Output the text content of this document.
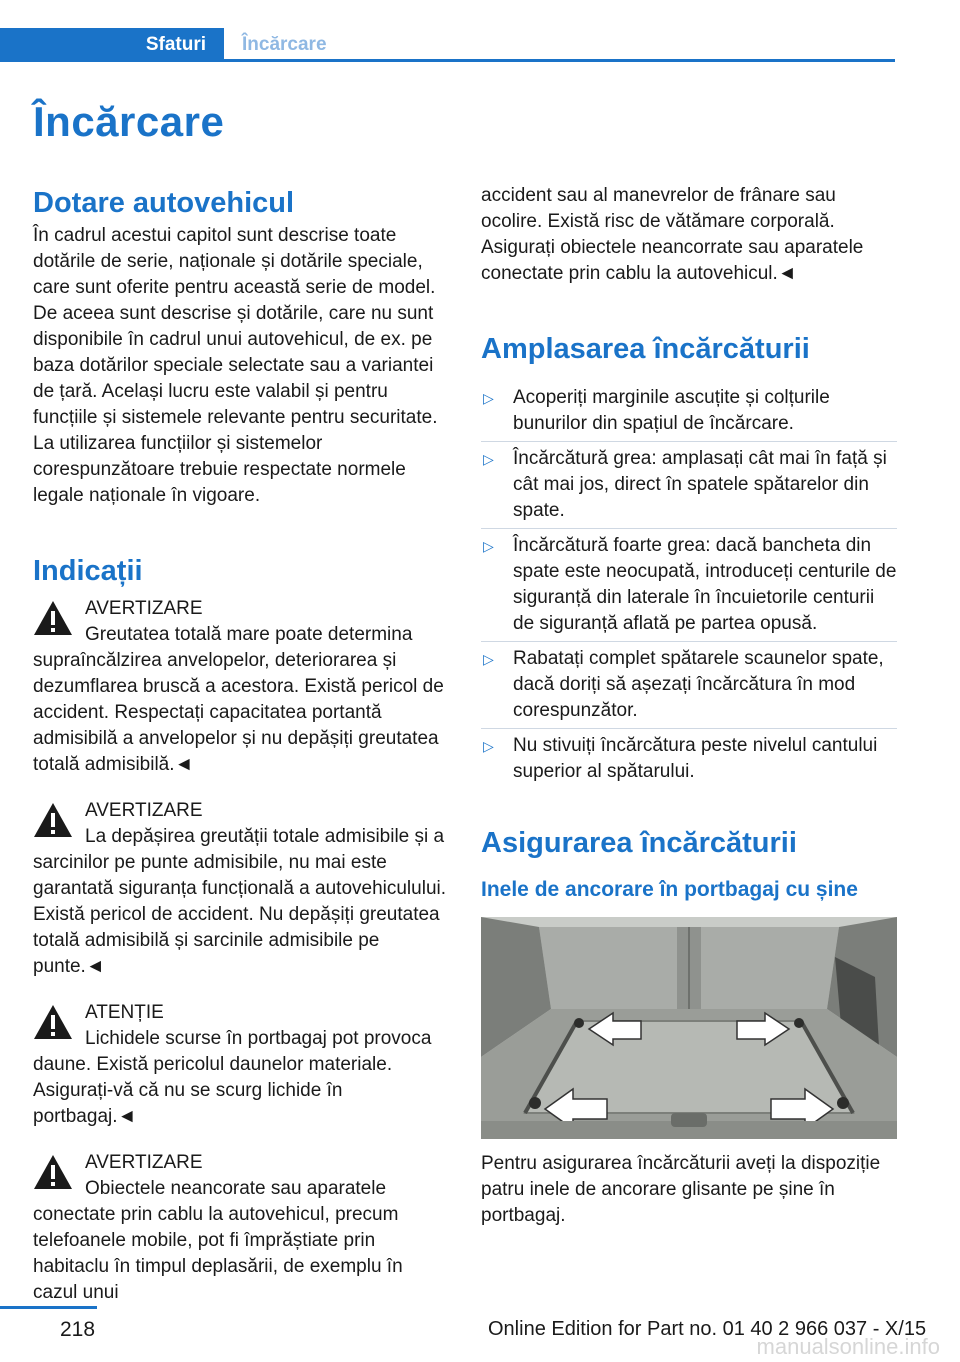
Sfaturi Încărcare
Încărcare
Dotare autovehicul

În cadrul acestui capitol sunt descrise toate dotările de serie, naționale și dotările speciale, care sunt oferite pentru această serie de model. De aceea sunt descrise și dotările, care nu sunt disponibile în cadrul unui autovehicul, de ex. pe baza dotărilor speciale selectate sau a variantei de țară. Același lucru este valabil și pentru funcțiile și sistemele relevante pentru securitate. La utilizarea funcțiilor și sistemelor corespunzătoare trebuie respectate normele legale naționale în vigoare.

Indicații
AVERTIZARE

Greutatea totală mare poate determina supraîncălzirea anvelopelor, deteriorarea și dezumflarea bruscă a acestora. Există pericol de accident. Respectați capacitatea portantă admisibilă a anvelopelor și nu depășiți greutatea totală admisibilă.◄

AVERTIZARE

La depășirea greutății totale admisibile și a sarcinilor pe punte admisibile, nu mai este garantată siguranța funcțională a autovehiculului. Există pericol de accident. Nu depășiți greutatea totală admisibilă și sarcinile admisibile pe punte.◄

ATENȚIE

Lichidele scurse în portbagaj pot provoca daune. Există pericolul daunelor materiale. Asigurați-vă că nu se scurg lichide în portbagaj.◄

AVERTIZARE

Obiectele neancorate sau aparatele conectate prin cablu la autovehicul, precum telefoanele mobile, pot fi împrăștiate prin habitaclu în timpul deplasării, de exemplu în cazul unui

accident sau al manevrelor de frânare sau ocolire. Există risc de vătămare corporală. Asigurați obiectele neancorrate sau aparatele conectate prin cablu la autovehicul.◄

Amplasarea încărcăturii
▷ Acoperiți marginile ascuțite și colțurile bunurilor din spațiul de încărcare.
▷ Încărcătură grea: amplasați cât mai în față și cât mai jos, direct în spatele spătarelor din spate.
▷ Încărcătură foarte grea: dacă bancheta din spate este neocupată, introduceți centurile de siguranță din laterale în încuietorile centurii de siguranță aflată pe partea opusă.
▷ Rabatați complet spătarele scaunelor spate, dacă doriți să așezați încărcătura în mod corespunzător.
▷ Nu stivuiți încărcătura peste nivelul cantului superior al spătarului.
Asigurarea încărcăturii
Inele de ancorare în portbagaj cu șine

Pentru asigurarea încărcăturii aveți la dispoziție patru inele de ancorare glisante pe șine în portbagaj.

218	Online Edition for Part no. 01 40 2 966 037 - X/15
manualsonline.info
